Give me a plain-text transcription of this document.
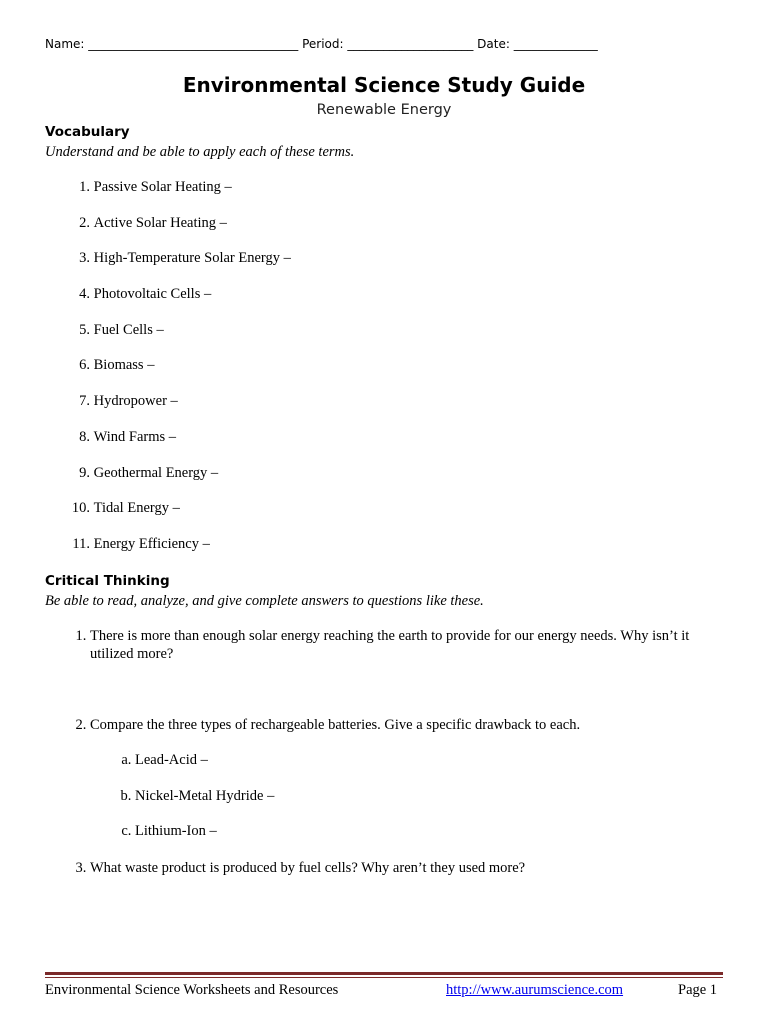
Name: ___________________________________ Period: _____________________ Date: ______________
Environmental Science Study Guide
Renewable Energy
Vocabulary
Understand and be able to apply each of these terms.
1. Passive Solar Heating –
2. Active Solar Heating –
3. High-Temperature Solar Energy –
4. Photovoltaic Cells –
5. Fuel Cells –
6. Biomass –
7. Hydropower –
8. Wind Farms –
9. Geothermal Energy –
10. Tidal Energy –
11. Energy Efficiency –
Critical Thinking
Be able to read, analyze, and give complete answers to questions like these.
1. There is more than enough solar energy reaching the earth to provide for our energy needs. Why isn’t it utilized more?
2. Compare the three types of rechargeable batteries. Give a specific drawback to each.
a. Lead-Acid –
b. Nickel-Metal Hydride –
c. Lithium-Ion –
3. What waste product is produced by fuel cells? Why aren’t they used more?
Environmental Science Worksheets and Resources	http://www.aurumscience.com	Page 1
